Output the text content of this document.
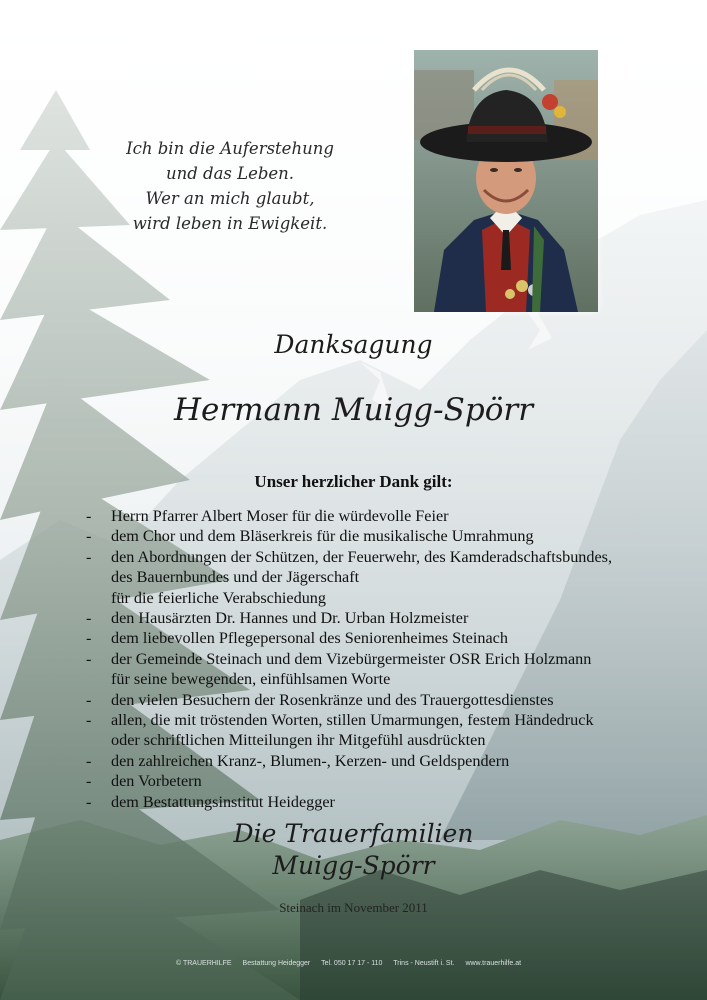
Ich bin die Auferstehung
und das Leben.
Wer an mich glaubt,
wird leben in Ewigkeit.
Danksagung
Hermann Muigg-Spörr
Unser herzlicher Dank gilt:
- Herrn Pfarrer Albert Moser für die würdevolle Feier
- dem Chor und dem Bläserkreis für die musikalische Umrahmung
- den Abordnungen der Schützen, der Feuerwehr, des Kamderadschaftsbundes,
des Bauernbundes und der Jägerschaft
für die feierliche Verabschiedung
- den Hausärzten Dr. Hannes und Dr. Urban Holzmeister
- dem liebevollen Pflegepersonal des Seniorenheimes Steinach
- der Gemeinde Steinach und dem Vizebürgermeister OSR Erich Holzmann
für seine bewegenden, einfühlsamen Worte
- den vielen Besuchern der Rosenkränze und des Trauergottesdienstes
- allen, die mit tröstenden Worten, stillen Umarmungen, festem Händedruck
oder schriftlichen Mitteilungen ihr Mitgefühl ausdrückten
- den zahlreichen Kranz-, Blumen-, Kerzen- und Geldspendern
- den Vorbetern
- dem Bestattungsinstitut Heidegger
Die Trauerfamilien
Muigg-Spörr
Steinach im November 2011
© TRAUERHILFE Bestattung Heidegger Tel. 050 17 17 - 110 Trins - Neustift i. St. www.trauerhilfe.at
